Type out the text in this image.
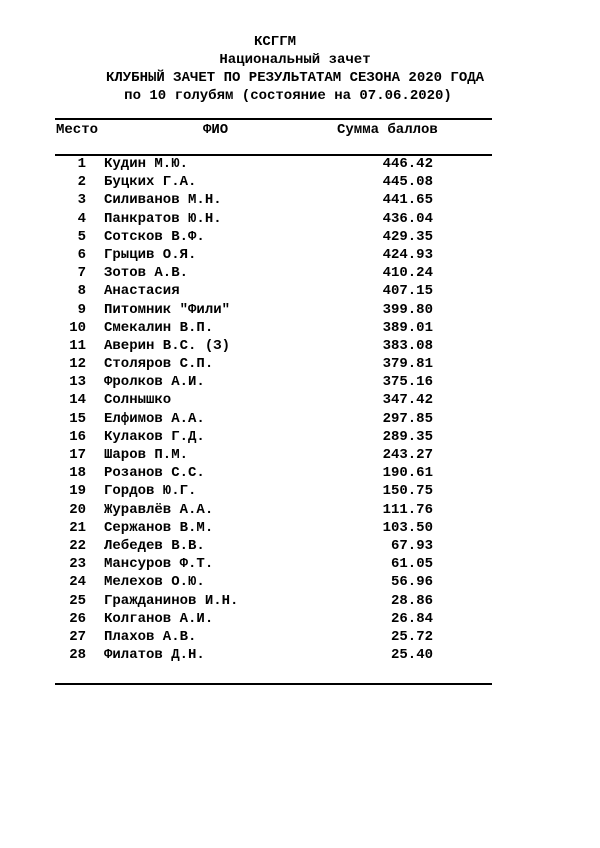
КСГГМ
Национальный зачет
КЛУБНЫЙ ЗАЧЕТ ПО РЕЗУЛЬТАТАМ СЕЗОНА 2020 ГОДА
по 10 голубям (состояние на 07.06.2020)
Место	ФИО	Сумма баллов
1 Кудин М.Ю.	446.42
2 Буцких Г.А.	445.08
3 Силиванов М.Н.	441.65
4 Панкратов Ю.Н.	436.04
5 Сотсков В.Ф.	429.35
6 Грыцив О.Я.	424.93
7 Зотов А.В.	410.24
8 Анастасия	407.15
9 Питомник "Фили"	399.80
10 Смекалин В.П.	389.01
11 Аверин В.С. (З)	383.08
12 Столяров С.П.	379.81
13 Фролков А.И.	375.16
14 Солнышко	347.42
15 Елфимов А.А.	297.85
16 Кулаков Г.Д.	289.35
17 Шаров П.М.	243.27
18 Розанов С.С.	190.61
19 Гордов Ю.Г.	150.75
20 Журавлёв А.А.	111.76
21 Сержанов В.М.	103.50
22 Лебедев В.В.	67.93
23 Мансуров Ф.Т.	61.05
24 Мелехов О.Ю.	56.96
25 Гражданинов И.Н.	28.86
26 Колганов А.И.	26.84
27 Плахов А.В.	25.72
28 Филатов Д.Н.	25.40
